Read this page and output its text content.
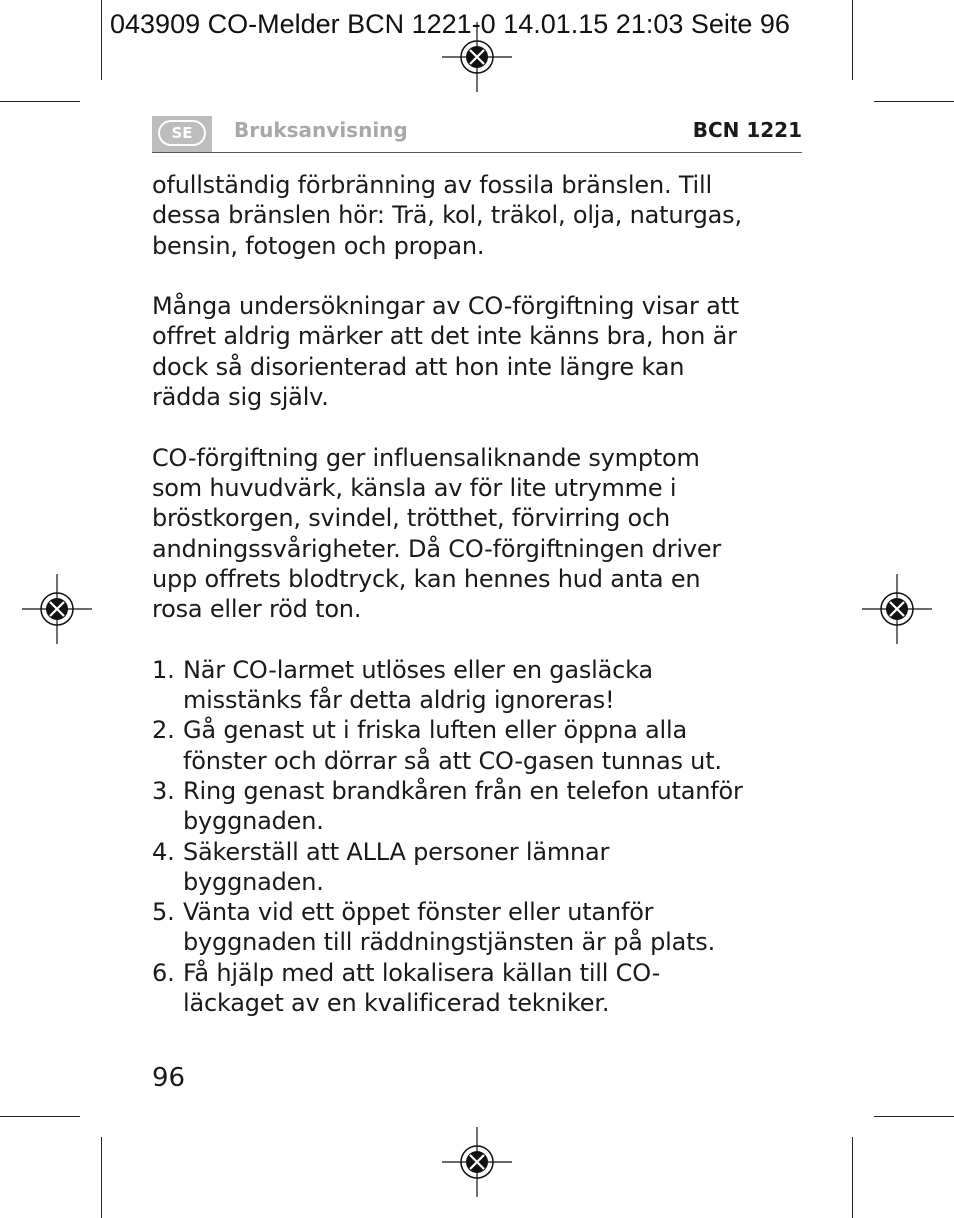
043909 CO-Melder BCN 1221-0 14.01.15 21:03 Seite 96
SE	Bruksanvisning	BCN 1221

ofullständig förbränning av fossila bränslen. Till
dessa bränslen hör: Trä, kol, träkol, olja, naturgas,
bensin, fotogen och propan.

Många undersökningar av CO-förgiftning visar att
offret aldrig märker att det inte känns bra, hon är
dock så disorienterad att hon inte längre kan
rädda sig själv.

CO-förgiftning ger influensaliknande symptom
som huvudvärk, känsla av för lite utrymme i
bröstkorgen, svindel, trötthet, förvirring och
andningssvårigheter. Då CO-förgiftningen driver
upp offrets blodtryck, kan hennes hud anta en
rosa eller röd ton.

1. När CO-larmet utlöses eller en gasläcka
misstänks får detta aldrig ignoreras!
2. Gå genast ut i friska luften eller öppna alla
fönster och dörrar så att CO-gasen tunnas ut.
3. Ring genast brandkåren från en telefon utanför
byggnaden.
4. Säkerställ att ALLA personer lämnar
byggnaden.
5. Vänta vid ett öppet fönster eller utanför
byggnaden till räddningstjänsten är på plats.
6. Få hjälp med att lokalisera källan till CO-
läckaget av en kvalificerad tekniker.
96
